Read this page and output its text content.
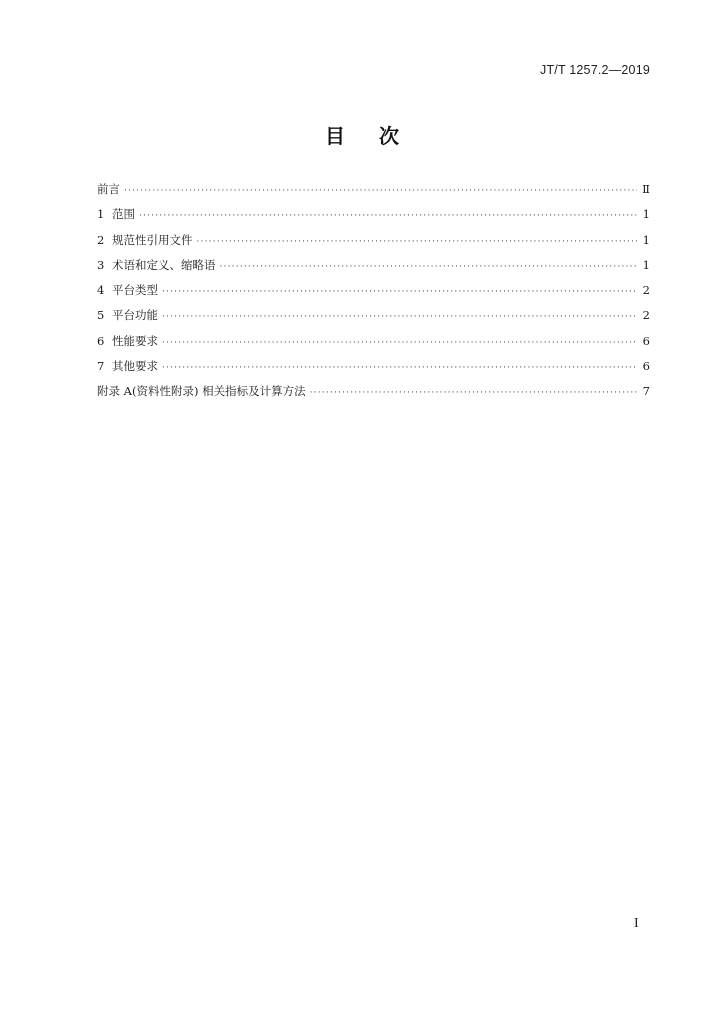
JT/T 1257.2—2019
目次
前言 ·····	Ⅱ
1 范围 ·····	1
2 规范性引用文件 ·····	1
3 术语和定义、缩略语 ·····	1
4 平台类型 ·····	2
5 平台功能 ·····	2
6 性能要求 ·····	6
7 其他要求 ·····	6
附录 A(资料性附录) 相关指标及计算方法 ·····	7
I
